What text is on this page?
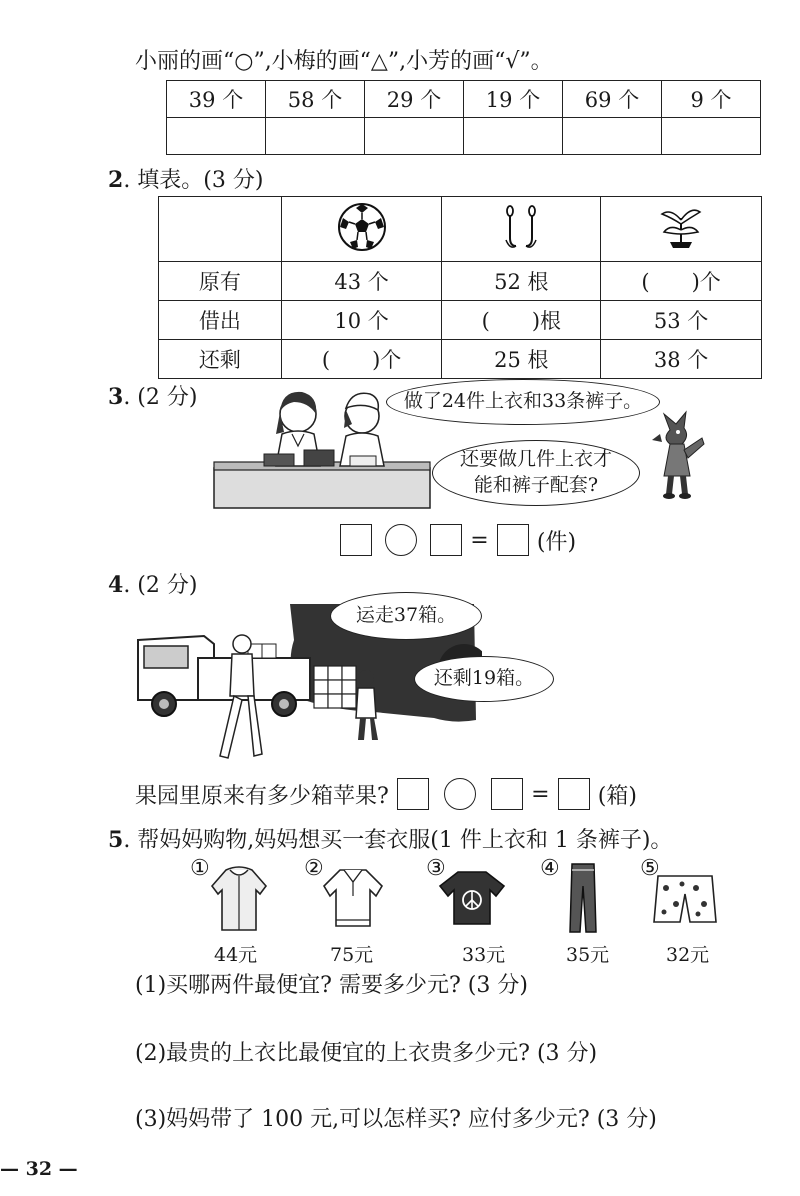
小丽的画“○”,小梅的画“△”,小芳的画“√”。
39 个	58 个	29 个	19 个	69 个	9 个

2. 填表。(3 分)

原有	43 个	52 根	(　　)个
借出	10 个	(　　)根	53 个
还剩	(　　)个	25 根	38 个
3. (2 分)	做了24件上衣和33条裤子。
还要做几件上衣才
能和裤子配套?
= (件)
4. (2 分)
运走37箱。
还剩19箱。
果园里原来有多少箱苹果?	= (箱)
5. 帮妈妈购物,妈妈想买一套衣服(1 件上衣和 1 条裤子)。
①
44元
②
75元
③
33元
④
35元
⑤
32元
(1)买哪两件最便宜? 需要多少元? (3 分)
(2)最贵的上衣比最便宜的上衣贵多少元? (3 分)
(3)妈妈带了 100 元,可以怎样买? 应付多少元? (3 分)
— 32 —
